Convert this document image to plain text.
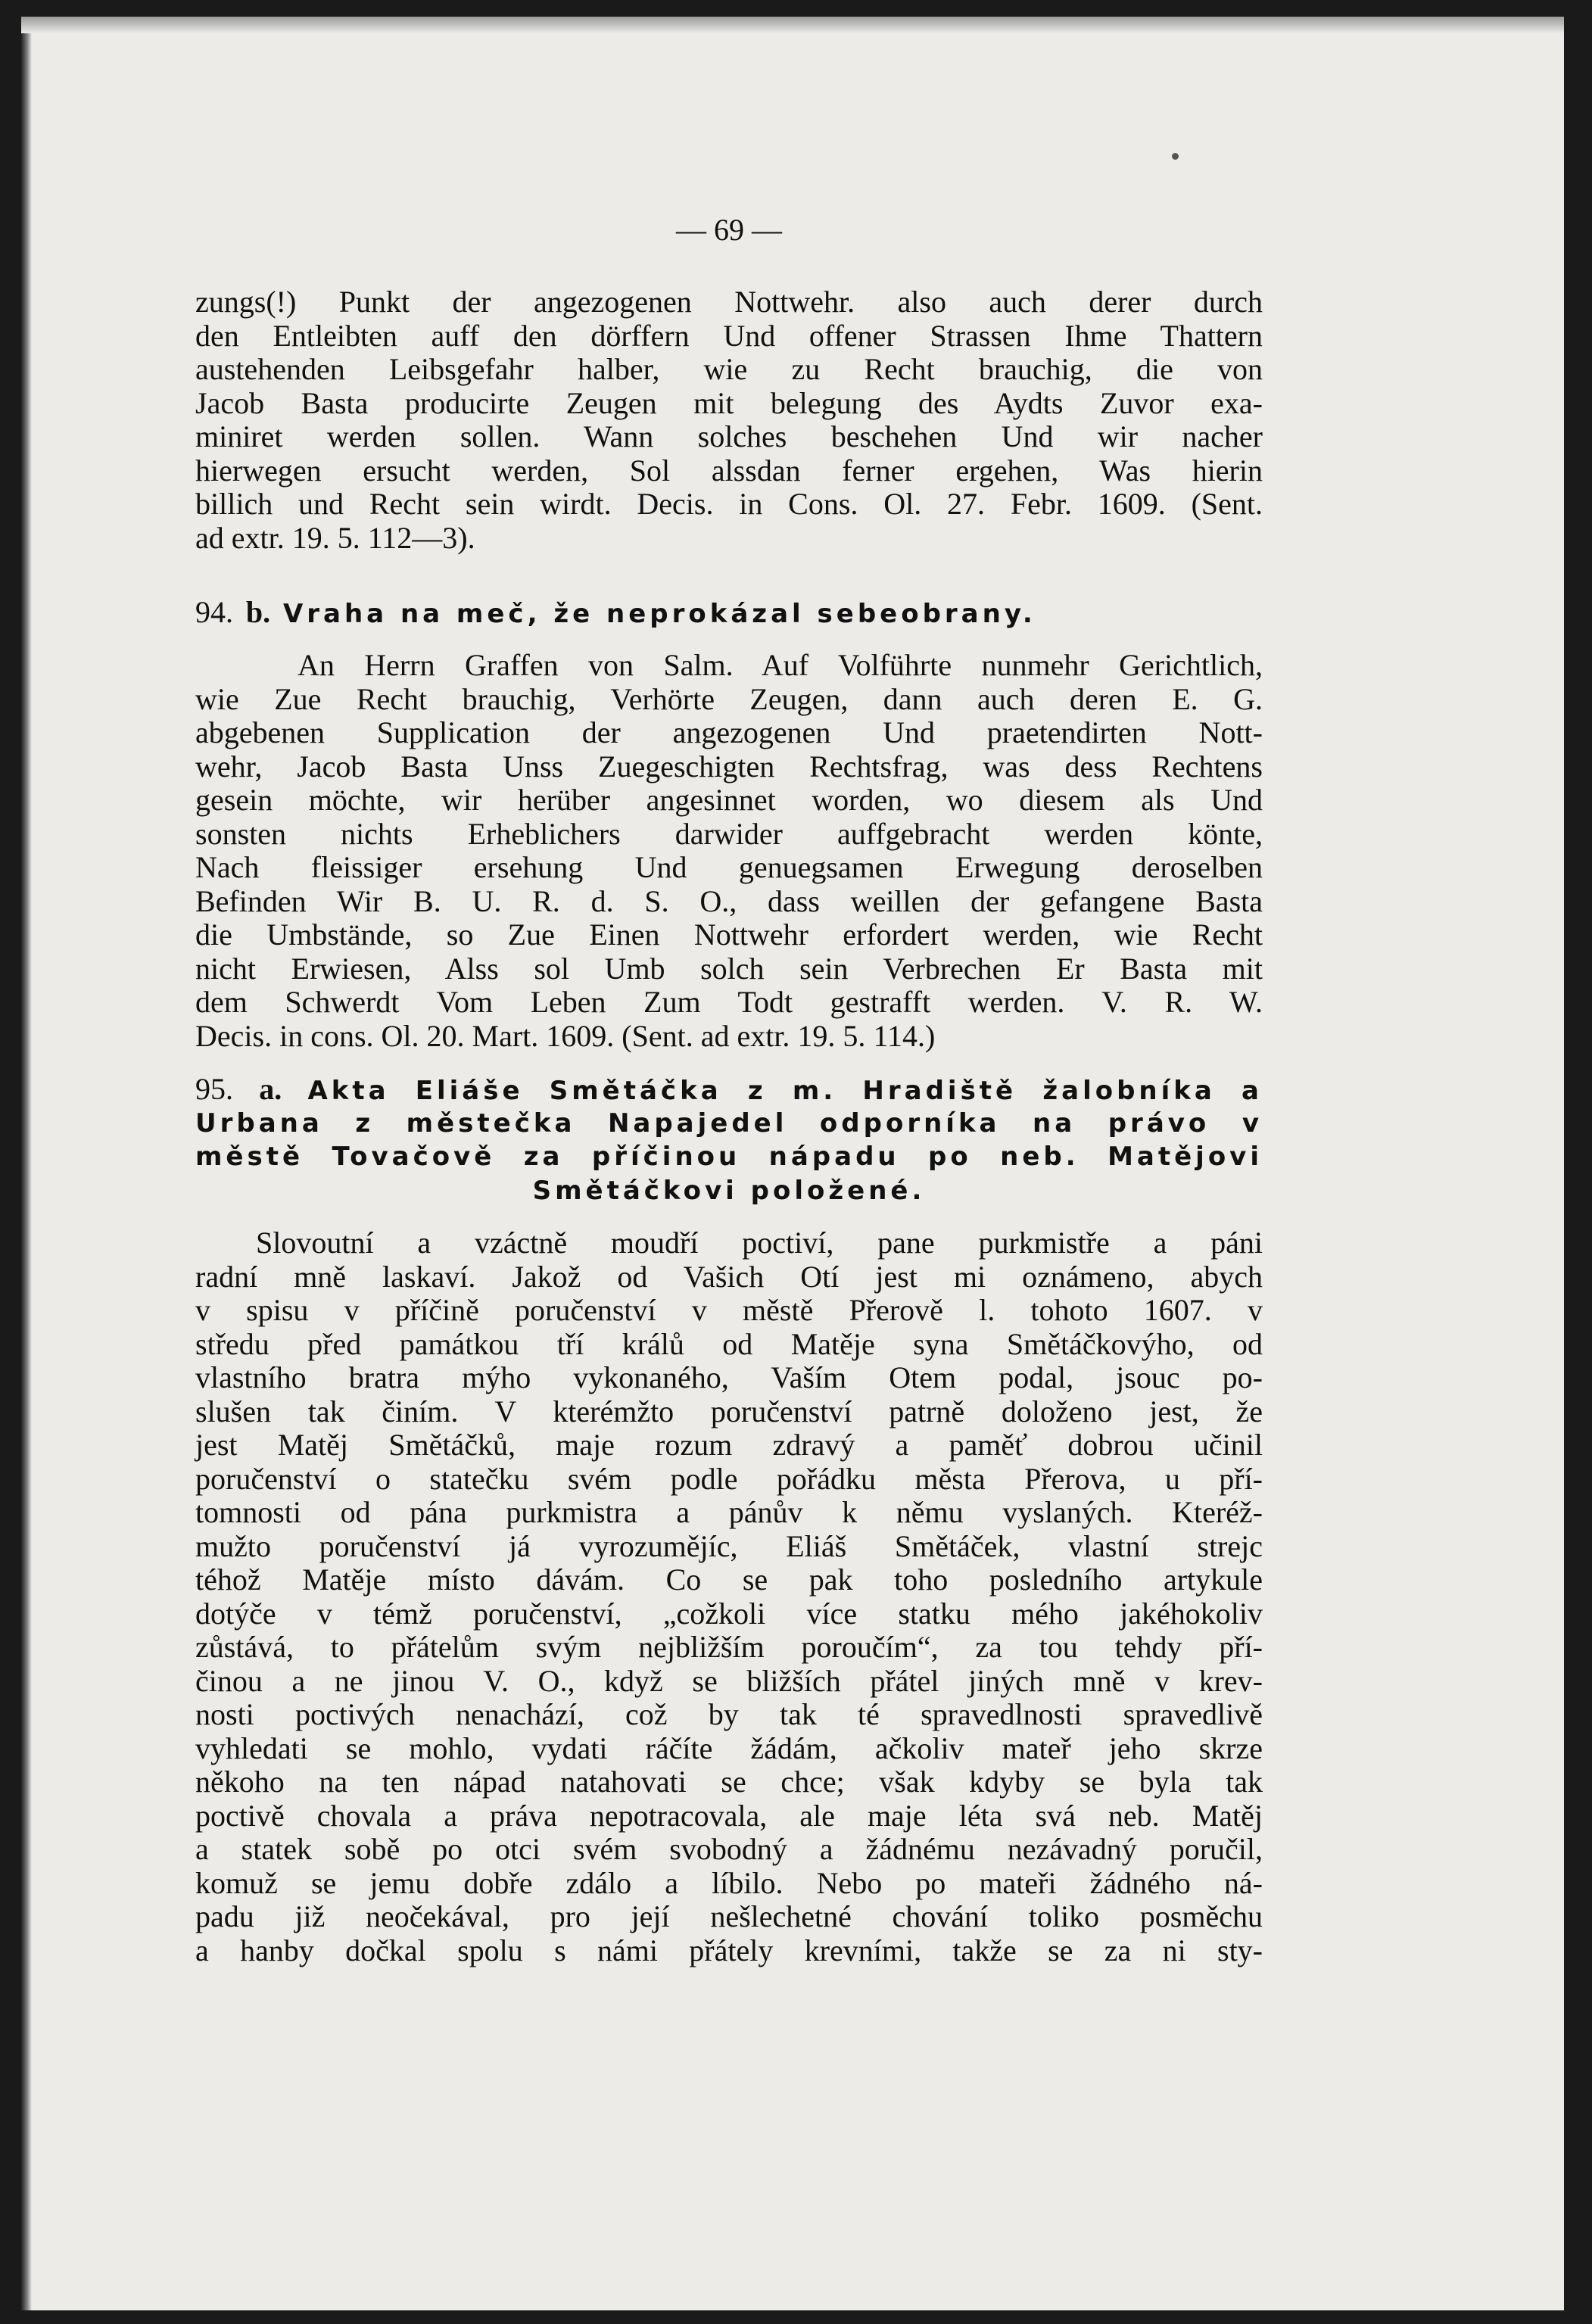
— 69 —
zungs(!) Punkt der angezogenen Nottwehr. also auch derer durch
den Entleibten auff den dörffern Und offener Strassen Ihme Thattern
austehenden Leibsgefahr halber, wie zu Recht brauchig, die von
Jacob Basta producirte Zeugen mit belegung des Aydts Zuvor exa-
miniret werden sollen. Wann solches beschehen Und wir nacher
hierwegen ersucht werden, Sol alssdan ferner ergehen, Was hierin
billich und Recht sein wirdt. Decis. in Cons. Ol. 27. Febr. 1609. (Sent.
ad extr. 19. 5. 112—3).
94. b. Vraha na meč, že neprokázal sebeobrany.
An Herrn Graffen von Salm. Auf Volführte nunmehr Gerichtlich,
wie Zue Recht brauchig, Verhörte Zeugen, dann auch deren E. G.
abgebenen Supplication der angezogenen Und praetendirten Nott-
wehr, Jacob Basta Unss Zuegeschigten Rechtsfrag, was dess Rechtens
gesein möchte, wir herüber angesinnet worden, wo diesem als Und
sonsten nichts Erheblichers darwider auffgebracht werden könte,
Nach fleissiger ersehung Und genuegsamen Erwegung deroselben
Befinden Wir B. U. R. d. S. O., dass weillen der gefangene Basta
die Umbstände, so Zue Einen Nottwehr erfordert werden, wie Recht
nicht Erwiesen, Alss sol Umb solch sein Verbrechen Er Basta mit
dem Schwerdt Vom Leben Zum Todt gestrafft werden. V. R. W.
Decis. in cons. Ol. 20. Mart. 1609. (Sent. ad extr. 19. 5. 114.)
95. a. Akta Eliáše Smětáčka z m. Hradiště žalobníka a
Urbana z městečka Napajedel odporníka na právo v
městě Tovačově za příčinou nápadu po neb. Matějovi
Smětáčkovi položené.
Slovoutní a vzáctně moudří poctiví, pane purkmistře a páni
radní mně laskaví. Jakož od Vašich Otí jest mi oznámeno, abych
v spisu v příčině poručenství v městě Přerově l. tohoto 1607. v
středu před památkou tří králů od Matěje syna Smětáčkovýho, od
vlastního bratra mýho vykonaného, Vaším Otem podal, jsouc po-
slušen tak činím. V kterémžto poručenství patrně doloženo jest, že
jest Matěj Smětáčků, maje rozum zdravý a paměť dobrou učinil
poručenství o statečku svém podle pořádku města Přerova, u pří-
tomnosti od pána purkmistra a pánův k němu vyslaných. Kteréž-
mužto poručenství já vyrozumějíc, Eliáš Smětáček, vlastní strejc
téhož Matěje místo dávám. Co se pak toho posledního artykule
dotýče v témž poručenství, „cožkoli více statku mého jakéhokoliv
zůstává, to přátelům svým nejbližším poroučím“, za tou tehdy pří-
činou a ne jinou V. O., když se bližších přátel jiných mně v krev-
nosti poctivých nenachází, což by tak té spravedlnosti spravedlivě
vyhledati se mohlo, vydati ráčíte žádám, ačkoliv mateř jeho skrze
někoho na ten nápad natahovati se chce; však kdyby se byla tak
poctivě chovala a práva nepotracovala, ale maje léta svá neb. Matěj
a statek sobě po otci svém svobodný a žádnému nezávadný poručil,
komuž se jemu dobře zdálo a líbilo. Nebo po mateři žádného ná-
padu již neočekával, pro její nešlechetné chování toliko posměchu
a hanby dočkal spolu s námi přátely krevními, takže se za ni sty-
